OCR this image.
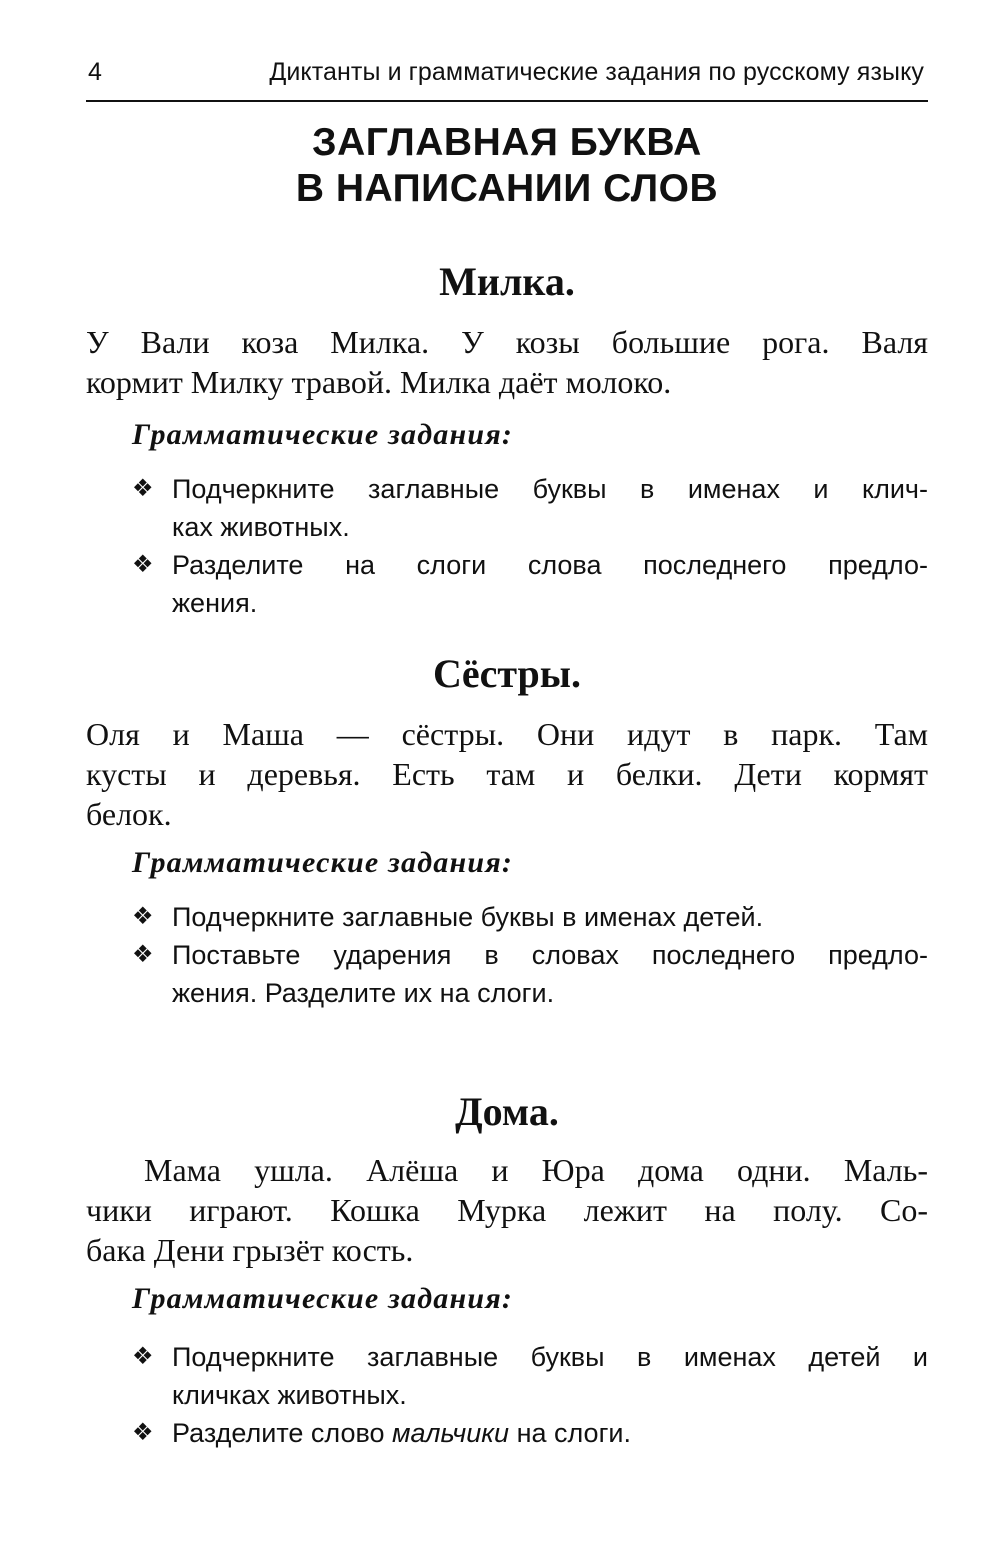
4	Диктанты и грамматические задания по русскому языку
ЗАГЛАВНАЯ БУКВА
В НАПИСАНИИ СЛОВ
Милка.
У Вали коза Милка. У козы большие рога. Валя
кормит Милку травой. Милка даёт молоко.
Грамматические задания:
❖ Подчеркните заглавные буквы в именах и клич-
ках животных.
❖ Разделите на слоги слова последнего предло-
жения.
Сёстры.
Оля и Маша — сёстры. Они идут в парк. Там
кусты и деревья. Есть там и белки. Дети кормят
белок.
Грамматические задания:
❖ Подчеркните заглавные буквы в именах детей.
❖ Поставьте ударения в словах последнего предло-
жения. Разделите их на слоги.
Дома.
Мама ушла. Алёша и Юра дома одни. Маль-
чики играют. Кошка Мурка лежит на полу. Со-
бака Дени грызёт кость.
Грамматические задания:
❖ Подчеркните заглавные буквы в именах детей и
кличках животных.
❖ Разделите слово мальчики на слоги.
